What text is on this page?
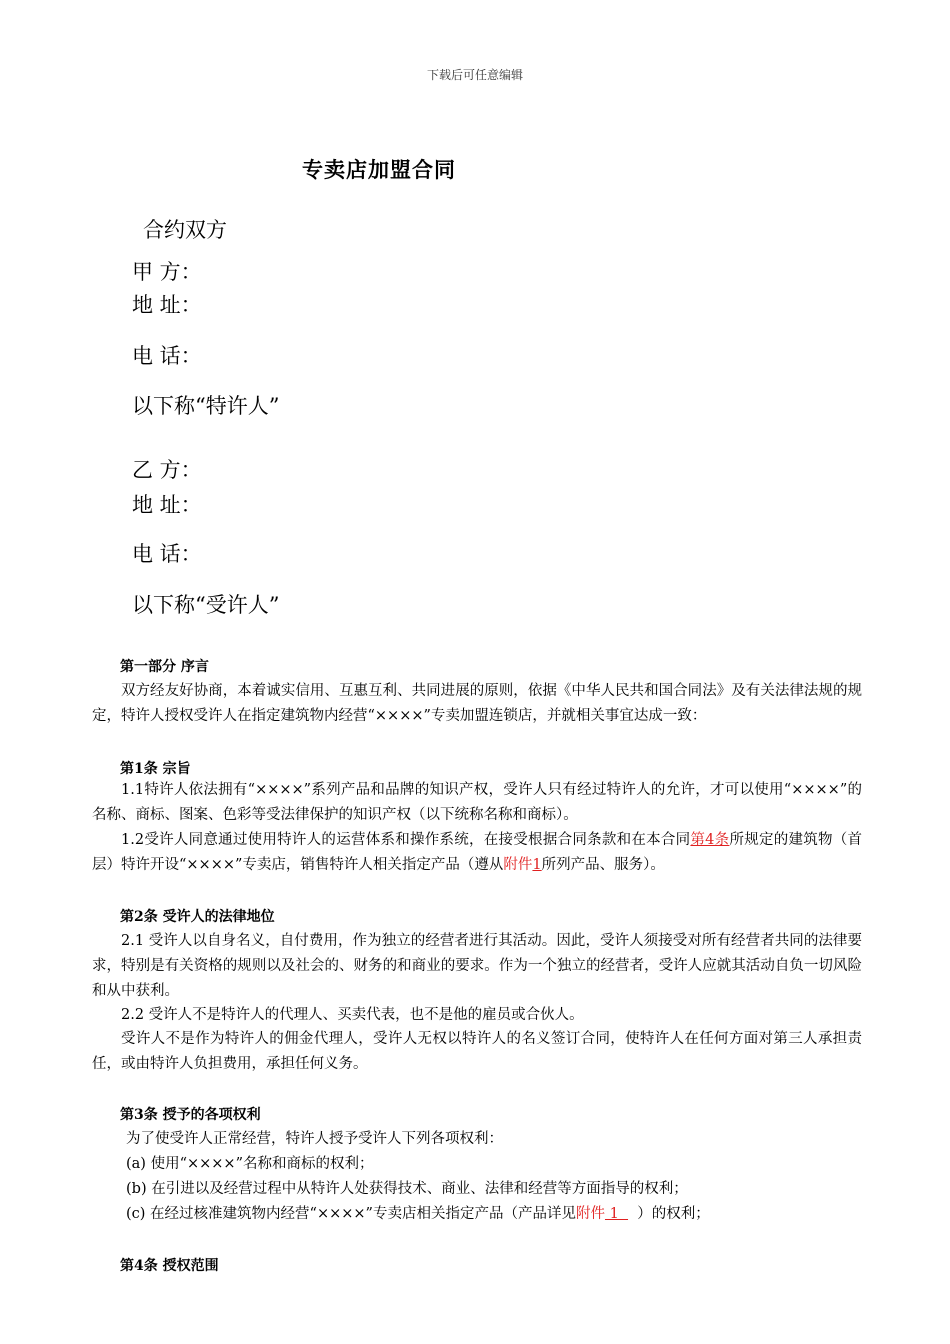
下载后可任意编辑
专卖店加盟合同
合约双方
甲 方：
地 址：
电 话：
以下称“特许人”
乙 方：
地 址：
电 话：
以下称“受许人”
第一部分 序言
双方经友好协商，本着诚实信用、互惠互利、共同进展的原则，依据《中华人民共和国合同法》及有关法律法规的规定，特许人授权受许人在指定建筑物内经营“××××”专卖加盟连锁店，并就相关事宜达成一致：
第1条 宗旨
1.1特许人依法拥有“××××”系列产品和品牌的知识产权，受许人只有经过特许人的允许，才可以使用“××××”的名称、商标、图案、色彩等受法律保护的知识产权（以下统称名称和商标）。
1.2受许人同意通过使用特许人的运营体系和操作系统，在接受根据合同条款和在本合同第4条所规定的建筑物（首层）特许开设“××××”专卖店，销售特许人相关指定产品（遵从附件1所列产品、服务）。
第2条 受许人的法律地位
2.1 受许人以自身名义，自付费用，作为独立的经营者进行其活动。因此，受许人须接受对所有经营者共同的法律要求，特别是有关资格的规则以及社会的、财务的和商业的要求。作为一个独立的经营者，受许人应就其活动自负一切风险和从中获利。
2.2 受许人不是特许人的代理人、买卖代表，也不是他的雇员或合伙人。
受许人不是作为特许人的佣金代理人，受许人无权以特许人的名义签订合同，使特许人在任何方面对第三人承担责任，或由特许人负担费用，承担任何义务。
第3条 授予的各项权利
为了使受许人正常经营，特许人授予受许人下列各项权利：
(a) 使用“××××”名称和商标的权利；
(b) 在引进以及经营过程中从特许人处获得技术、商业、法律和经营等方面指导的权利；
(c) 在经过核准建筑物内经营“××××”专卖店相关指定产品（产品详见附件 1    ）的权利；
第4条 授权范围
